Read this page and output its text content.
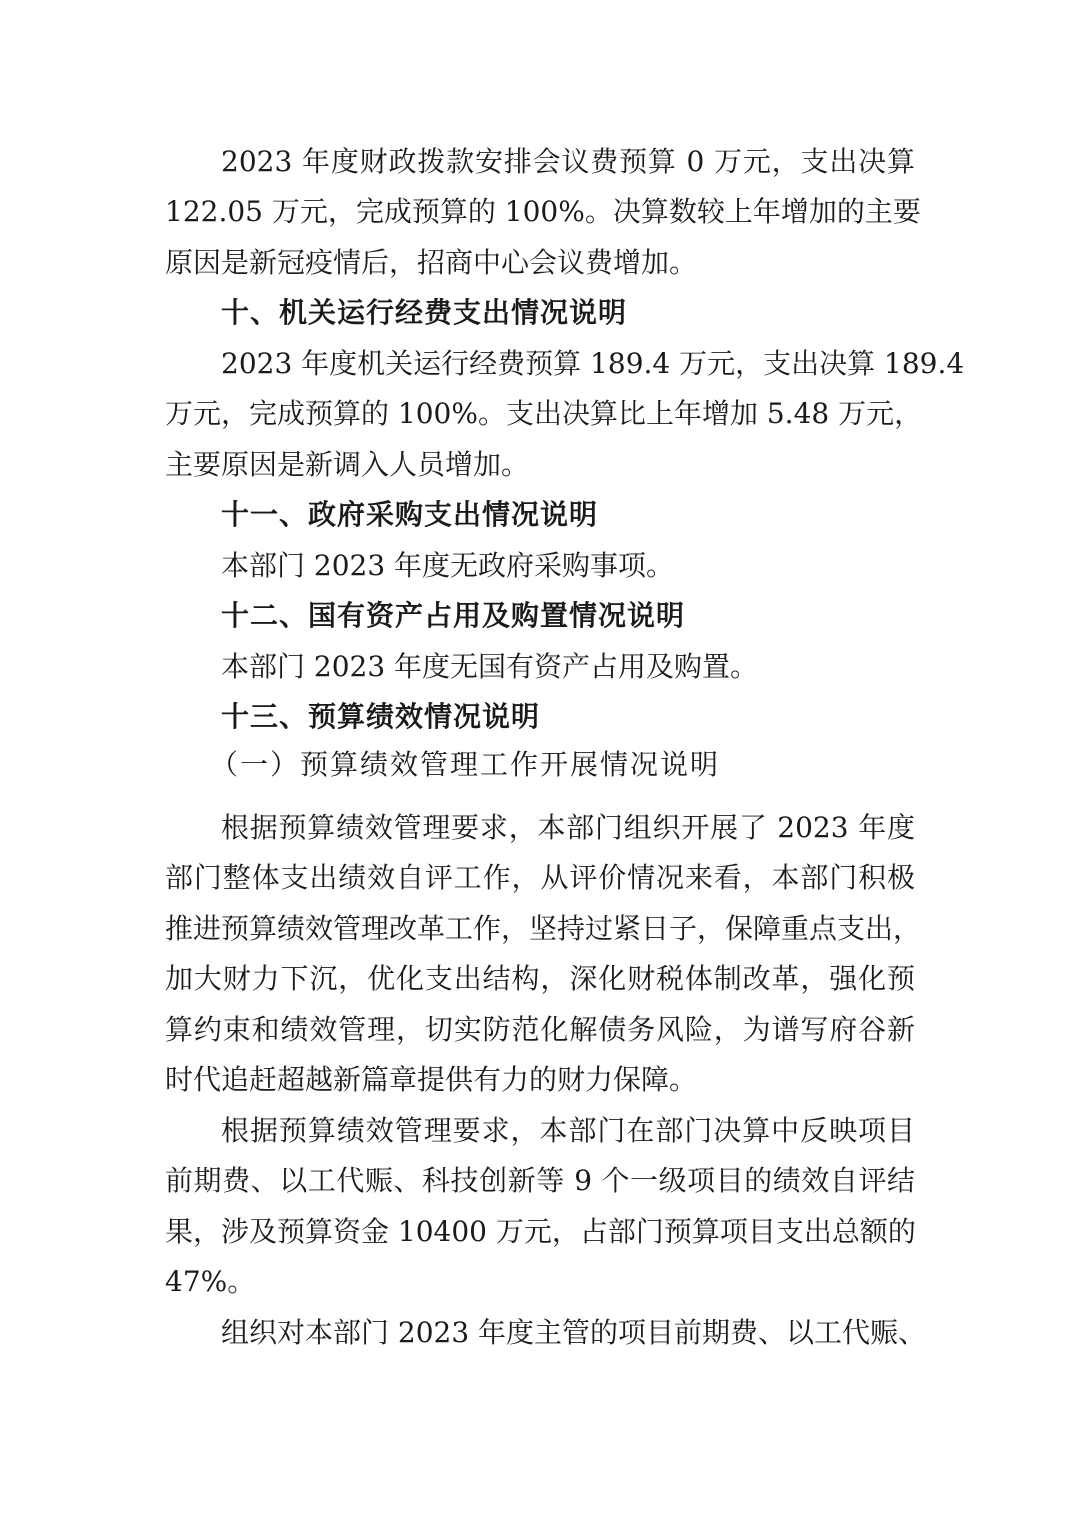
2023 年度财政拨款安排会议费预算 0 万元，支出决算
122.05 万元，完成预算的 100%。决算数较上年增加的主要
原因是新冠疫情后，招商中心会议费增加。
十、机关运行经费支出情况说明
2023 年度机关运行经费预算 189.4 万元，支出决算 189.4
万元，完成预算的 100%。支出决算比上年增加 5.48 万元，
主要原因是新调入人员增加。
十一、政府采购支出情况说明
本部门 2023 年度无政府采购事项。
十二、国有资产占用及购置情况说明
本部门 2023 年度无国有资产占用及购置。
十三、预算绩效情况说明
（一）预算绩效管理工作开展情况说明
根据预算绩效管理要求，本部门组织开展了 2023 年度
部门整体支出绩效自评工作，从评价情况来看，本部门积极
推进预算绩效管理改革工作，坚持过紧日子，保障重点支出，
加大财力下沉，优化支出结构，深化财税体制改革，强化预
算约束和绩效管理，切实防范化解债务风险，为谱写府谷新
时代追赶超越新篇章提供有力的财力保障。
根据预算绩效管理要求，本部门在部门决算中反映项目
前期费、以工代赈、科技创新等 9 个一级项目的绩效自评结
果，涉及预算资金 10400 万元，占部门预算项目支出总额的
47%。
组织对本部门 2023 年度主管的项目前期费、以工代赈、
